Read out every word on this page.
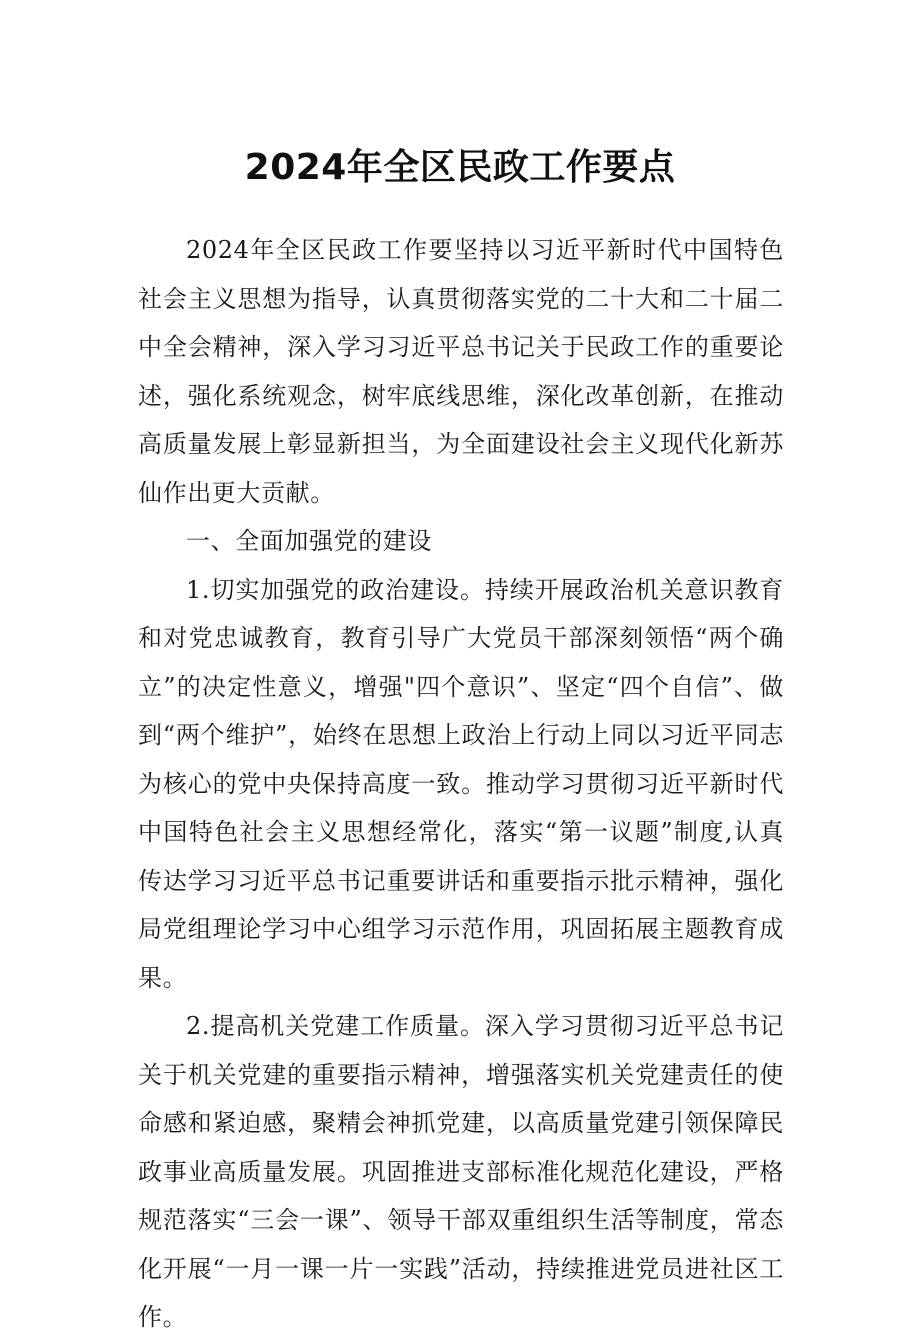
2024年全区民政工作要点

2024年全区民政工作要坚持以习近平新时代中国特色社会主义思想为指导，认真贯彻落实党的二十大和二十届二中全会精神，深入学习习近平总书记关于民政工作的重要论述，强化系统观念，树牢底线思维，深化改革创新，在推动高质量发展上彰显新担当，为全面建设社会主义现代化新苏仙作出更大贡献。

一、全面加强党的建设

1.切实加强党的政治建设。持续开展政治机关意识教育和对党忠诚教育，教育引导广大党员干部深刻领悟“两个确立”的决定性意义，增强"四个意识”、坚定“四个自信”、做到“两个维护”，始终在思想上政治上行动上同以习近平同志为核心的党中央保持高度一致。推动学习贯彻习近平新时代中国特色社会主义思想经常化，落实“第一议题”制度,认真传达学习习近平总书记重要讲话和重要指示批示精神，强化局党组理论学习中心组学习示范作用，巩固拓展主题教育成果。

2.提高机关党建工作质量。深入学习贯彻习近平总书记关于机关党建的重要指示精神，增强落实机关党建责任的使命感和紧迫感，聚精会神抓党建，以高质量党建引领保障民政事业高质量发展。巩固推进支部标准化规范化建设，严格规范落实“三会一课”、领导干部双重组织生活等制度，常态化开展“一月一课一片一实践”活动，持续推进党员进社区工作。
